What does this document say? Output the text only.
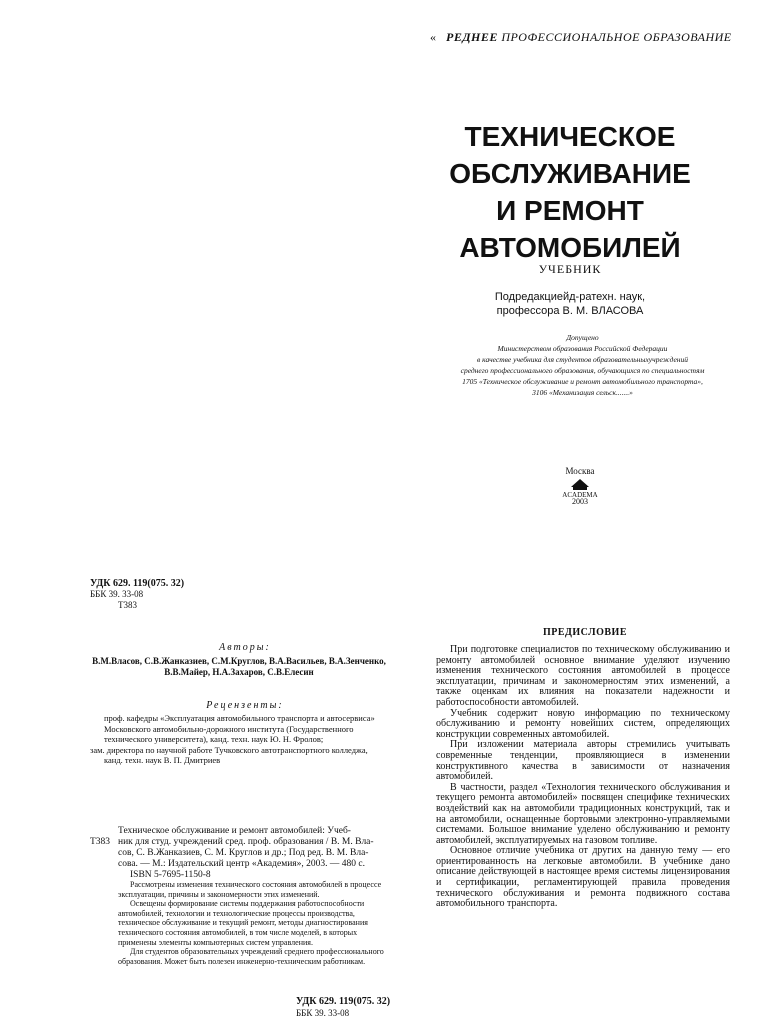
« РЕДНЕЕ ПРОФЕССИОНАЛЬНОЕ ОБРАЗОВАНИЕ
ТЕХНИЧЕСКОЕ
ОБСЛУЖИВАНИЕ
И РЕМОНТ
АВТОМОБИЛЕЙ
УЧЕБНИК
Подредакциейд-ратехн. наук,
профессора В. М. ВЛАСОВА
Допущено
Министерством образования Российской Федерации
в качестве учебника для студентов образовательныхучреждений
среднего профессионального образования, обучающихся по специальностям
1705 «Техническое обслуживание и ремонт автомобильного транспорта»,
3106 «Механизация сельск.......»
Москва
ACADEMA
2003
УДК 629. 119(075. 32)
ББК 39. 33-08
Т383
Авторы:
В.М.Власов, С.В.Жанказиев, С.М.Круглов, В.А.Васильев, В.А.Зенченко,
В.В.Майер, Н.А.Захаров, С.В.Елесин
Рецензенты:
проф. кафедры «Эксплуатация автомобильного транспорта и автосервиса»
Московского автомобильно-дорожного института (Государственного
технического университета), канд. техн. наук Ю. Н. Фролов;
зам. директора по научной работе Тучковского автотранспортного колледжа,
канд. техн. наук В. П. Дмитриев
Техническое обслуживание и ремонт автомобилей: Учеб-
Т383 ник для студ. учреждений сред. проф. образования / В. М. Вла-
сов, С. В.Жанказиев, С. М. Круглов и др.; Под ред. В. М. Вла-
сова. — М.: Издательский центр «Академия», 2003. — 480 с.
ISBN 5-7695-1150-8

Рассмотрены изменения технического состояния автомобилей в процессе эксплуатации, причины и закономерности этих изменений.

Освещены формирование системы поддержания работоспособности автомобилей, технологии и технологические процессы производства, техническое обслуживание и текущий ремонт, методы диагностирования технического состояния автомобилей, в том числе моделей, в которых применены элементы компьютерных систем управления.

Для студентов образовательных учреждений среднего профессионального образования. Может быть полезен инженерно-техническим работникам.

УДК 629. 119(075. 32)
ББК 39. 33-08
ПРЕДИСЛОВИЕ

При подготовке специалистов по техническому обслуживанию и ремонту автомобилей основное внимание уделяют изучению изменения технического состояния автомобилей в процессе эксплуатации, причинам и закономерностям этих изменений, а также оценкам их влияния на показатели надежности и работоспособности автомобилей.

Учебник содержит новую информацию по техническому обслуживанию и ремонту новейших систем, определяющих конструкции современных автомобилей.

При изложении материала авторы стремились учитывать современные тенденции, проявляющиеся в изменении конструктивного качества в зависимости от назначения автомобилей.

В частности, раздел «Технология технического обслуживания и текущего ремонта автомобилей» посвящен специфике технических воздействий как на автомобили традиционных конструкций, так и на автомобили, оснащенные бортовыми электронно-управляемыми системами. Большое внимание уделено обслуживанию и ремонту автомобилей, эксплуатируемых на газовом топливе.

Основное отличие учебника от других на данную тему — его ориентированность на легковые автомобили. В учебнике дано описание действующей в настоящее время системы лицензирования и сертификации, регламентирующей правила проведения технического обслуживания и ремонта подвижного состава автомобильного транспорта.
